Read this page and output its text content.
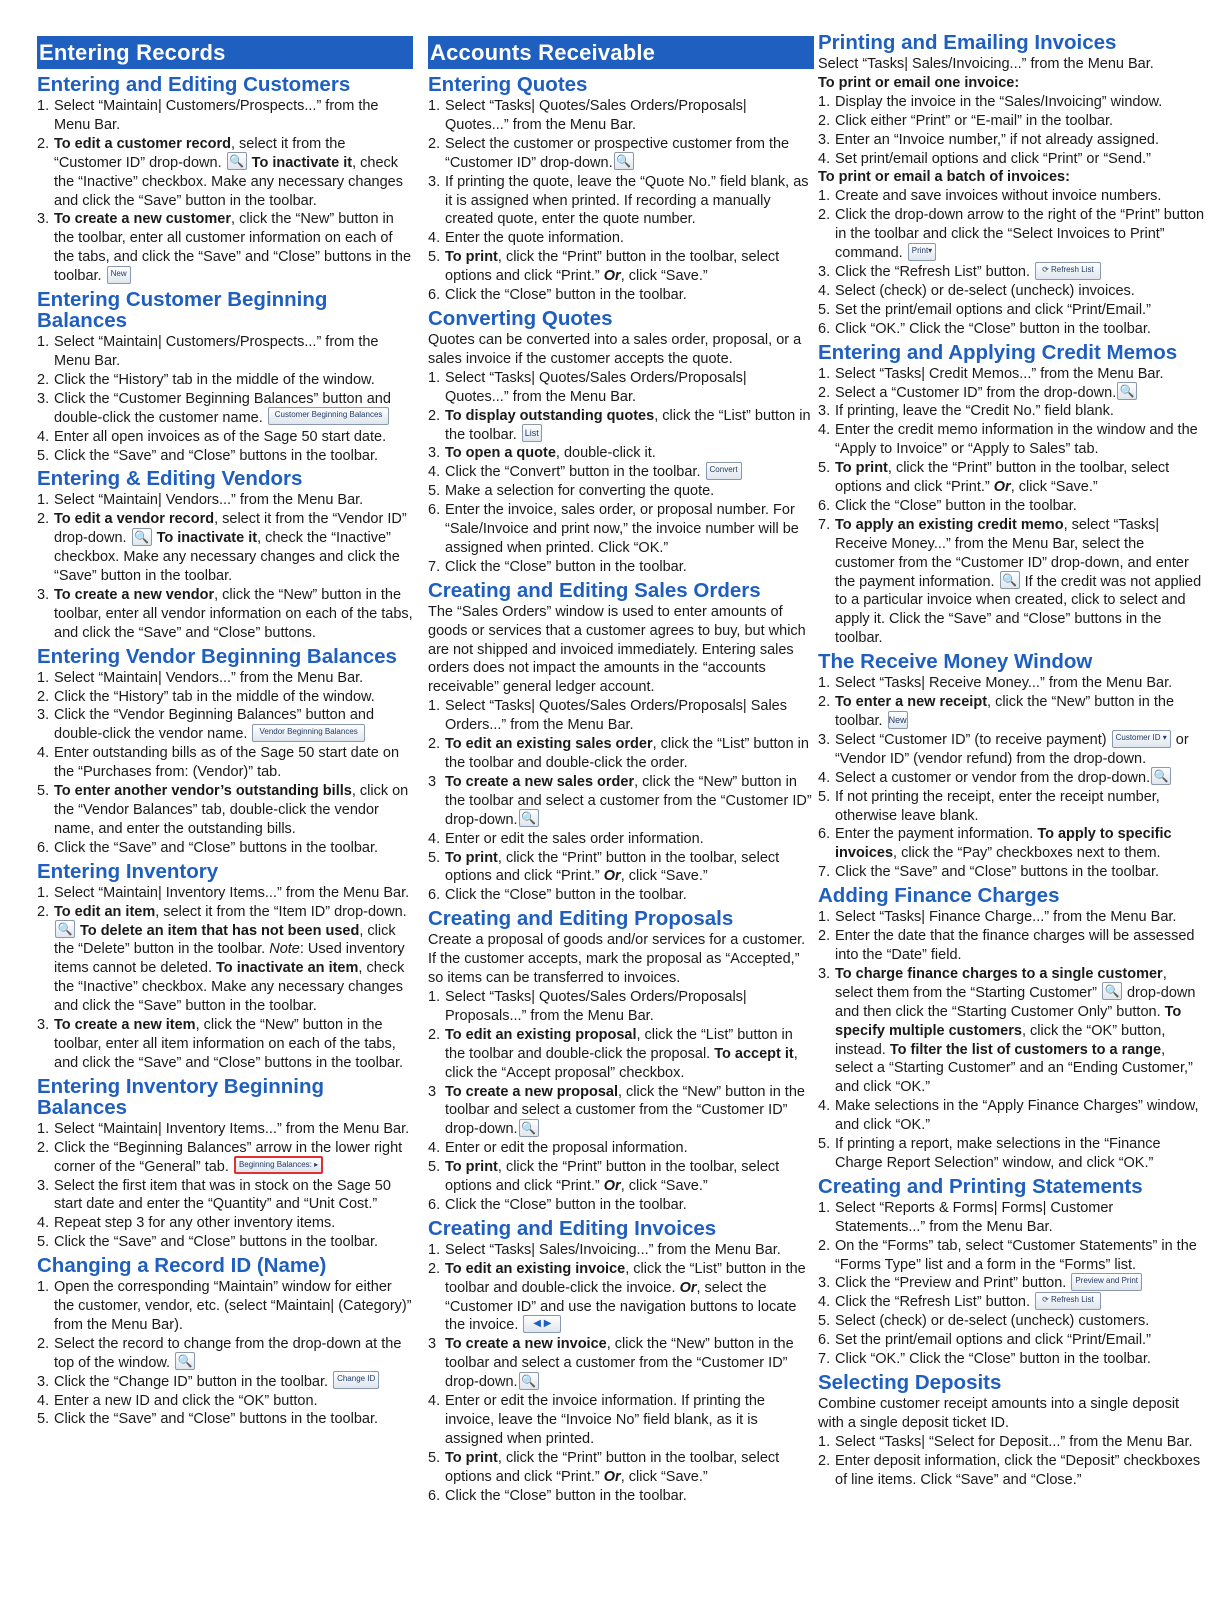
Entering Records
Entering and Editing Customers
1. Select “Maintain| Customers/Prospects...” from the Menu Bar.
2. To edit a customer record, select it from the “Customer ID” drop-down. 🔍 To inactivate it, check the “Inactive” checkbox. Make any necessary changes and click the “Save” button in the toolbar.
3. To create a new customer, click the “New” button in the toolbar, enter all customer information on each of the tabs, and click the “Save” and “Close” buttons in the toolbar. New
Entering Customer Beginning Balances
1. Select “Maintain| Customers/Prospects...” from the Menu Bar.
2. Click the “History” tab in the middle of the window.
3. Click the “Customer Beginning Balances” button and double-click the customer name. Customer Beginning Balances
4. Enter all open invoices as of the Sage 50 start date.
5. Click the “Save” and “Close” buttons in the toolbar.
Entering & Editing Vendors
1. Select “Maintain| Vendors...” from the Menu Bar.
2. To edit a vendor record, select it from the “Vendor ID” drop-down. 🔍 To inactivate it, check the “Inactive” checkbox. Make any necessary changes and click the “Save” button in the toolbar.
3. To create a new vendor, click the “New” button in the toolbar, enter all vendor information on each of the tabs, and click the “Save” and “Close” buttons.
Entering Vendor Beginning Balances
1. Select “Maintain| Vendors...” from the Menu Bar.
2. Click the “History” tab in the middle of the window.
3. Click the “Vendor Beginning Balances” button and double-click the vendor name. Vendor Beginning Balances
4. Enter outstanding bills as of the Sage 50 start date on the “Purchases from: (Vendor)” tab.
5. To enter another vendor’s outstanding bills, click on the “Vendor Balances” tab, double-click the vendor name, and enter the outstanding bills.
6. Click the “Save” and “Close” buttons in the toolbar.
Entering Inventory
1. Select “Maintain| Inventory Items...” from the Menu Bar.
2. To edit an item, select it from the “Item ID” drop-down. 🔍 To delete an item that has not been used, click the “Delete” button in the toolbar. Note: Used inventory items cannot be deleted. To inactivate an item, check the “Inactive” checkbox. Make any necessary changes and click the “Save” button in the toolbar.
3. To create a new item, click the “New” button in the toolbar, enter all item information on each of the tabs, and click the “Save” and “Close” buttons in the toolbar.
Entering Inventory Beginning Balances
1. Select “Maintain| Inventory Items...” from the Menu Bar.
2. Click the “Beginning Balances” arrow in the lower right corner of the “General” tab. Beginning Balances: ▸
3. Select the first item that was in stock on the Sage 50 start date and enter the “Quantity” and “Unit Cost.”
4. Repeat step 3 for any other inventory items.
5. Click the “Save” and “Close” buttons in the toolbar.
Changing a Record ID (Name)
1. Open the corresponding “Maintain” window for either the customer, vendor, etc. (select “Maintain| (Category)” from the Menu Bar).
2. Select the record to change from the drop-down at the top of the window. 🔍
3. Click the “Change ID” button in the toolbar. Change ID
4. Enter a new ID and click the “OK” button.
5. Click the “Save” and “Close” buttons in the toolbar.
Accounts Receivable
Entering Quotes
1. Select “Tasks| Quotes/Sales Orders/Proposals| Quotes...” from the Menu Bar.
2. Select the customer or prospective customer from the “Customer ID” drop-down. 🔍
3. If printing the quote, leave the “Quote No.” field blank, as it is assigned when printed. If recording a manually created quote, enter the quote number.
4. Enter the quote information.
5. To print, click the “Print” button in the toolbar, select options and click “Print.” Or, click “Save.”
6. Click the “Close” button in the toolbar.
Converting Quotes

Quotes can be converted into a sales order, proposal, or a sales invoice if the customer accepts the quote.

1. Select “Tasks| Quotes/Sales Orders/Proposals| Quotes...” from the Menu Bar.
2. To display outstanding quotes, click the “List” button in the toolbar. List
3. To open a quote, double-click it.
4. Click the “Convert” button in the toolbar. Convert
5. Make a selection for converting the quote.
6. Enter the invoice, sales order, or proposal number. For “Sale/Invoice and print now,” the invoice number will be assigned when printed. Click “OK.”
7. Click the “Close” button in the toolbar.
Creating and Editing Sales Orders

The “Sales Orders” window is used to enter amounts of goods or services that a customer agrees to buy, but which are not shipped and invoiced immediately. Entering sales orders does not impact the amounts in the “accounts receivable” general ledger account.

1. Select “Tasks| Quotes/Sales Orders/Proposals| Sales Orders...” from the Menu Bar.
2. To edit an existing sales order, click the “List” button in the toolbar and double-click the order.
3 To create a new sales order, click the “New” button in the toolbar and select a customer from the “Customer ID” drop-down. 🔍
4. Enter or edit the sales order information.
5. To print, click the “Print” button in the toolbar, select options and click “Print.” Or, click “Save.”
6. Click the “Close” button in the toolbar.
Creating and Editing Proposals

Create a proposal of goods and/or services for a customer. If the customer accepts, mark the proposal as “Accepted,” so items can be transferred to invoices.

1. Select “Tasks| Quotes/Sales Orders/Proposals| Proposals...” from the Menu Bar.
2. To edit an existing proposal, click the “List” button in the toolbar and double-click the proposal. To accept it, click the “Accept proposal” checkbox.
3 To create a new proposal, click the “New” button in the toolbar and select a customer from the “Customer ID” drop-down. 🔍
4. Enter or edit the proposal information.
5. To print, click the “Print” button in the toolbar, select options and click “Print.” Or, click “Save.”
6. Click the “Close” button in the toolbar.
Creating and Editing Invoices
1. Select “Tasks| Sales/Invoicing...” from the Menu Bar.
2. To edit an existing invoice, click the “List” button in the toolbar and double-click the invoice. Or, select the “Customer ID” and use the navigation buttons to locate the invoice. ◀ ▶
3 To create a new invoice, click the “New” button in the toolbar and select a customer from the “Customer ID” drop-down. 🔍
4. Enter or edit the invoice information. If printing the invoice, leave the “Invoice No” field blank, as it is assigned when printed.
5. To print, click the “Print” button in the toolbar, select options and click “Print.” Or, click “Save.”
6. Click the “Close” button in the toolbar.
Printing and Emailing Invoices

Select “Tasks| Sales/Invoicing...” from the Menu Bar.

To print or email one invoice:

1. Display the invoice in the “Sales/Invoicing” window.
2. Click either “Print” or “E-mail” in the toolbar.
3. Enter an “Invoice number,” if not already assigned.
4. Set print/email options and click “Print” or “Send.”

To print or email a batch of invoices:

1. Create and save invoices without invoice numbers.
2. Click the drop-down arrow to the right of the “Print” button in the toolbar and click the “Select Invoices to Print” command. Print▾
3. Click the “Refresh List” button. ⟳ Refresh List
4. Select (check) or de-select (uncheck) invoices.
5. Set the print/email options and click “Print/Email.”
6. Click “OK.” Click the “Close” button in the toolbar.
Entering and Applying Credit Memos
1. Select “Tasks| Credit Memos...” from the Menu Bar.
2. Select a “Customer ID” from the drop-down. 🔍
3. If printing, leave the “Credit No.” field blank.
4. Enter the credit memo information in the window and the “Apply to Invoice” or “Apply to Sales” tab.
5. To print, click the “Print” button in the toolbar, select options and click “Print.” Or, click “Save.”
6. Click the “Close” button in the toolbar.
7. To apply an existing credit memo, select “Tasks| Receive Money...” from the Menu Bar, select the customer from the “Customer ID” drop-down, and enter the payment information. 🔍 If the credit was not applied to a particular invoice when created, click to select and apply it. Click the “Save” and “Close” buttons in the toolbar.
The Receive Money Window
1. Select “Tasks| Receive Money...” from the Menu Bar.
2. To enter a new receipt, click the “New” button in the toolbar. New
3. Select “Customer ID” (to receive payment) Customer ID ▾ or “Vendor ID” (vendor refund) from the drop-down.
4. Select a customer or vendor from the drop-down. 🔍
5. If not printing the receipt, enter the receipt number, otherwise leave blank.
6. Enter the payment information. To apply to specific invoices, click the “Pay” checkboxes next to them.
7. Click the “Save” and “Close” buttons in the toolbar.
Adding Finance Charges
1. Select “Tasks| Finance Charge...” from the Menu Bar.
2. Enter the date that the finance charges will be assessed into the “Date” field.
3. To charge finance charges to a single customer, select them from the “Starting Customer” 🔍 drop-down and then click the “Starting Customer Only” button. To specify multiple customers, click the “OK” button, instead. To filter the list of customers to a range, select a “Starting Customer” and an “Ending Customer,” and click “OK.”
4. Make selections in the “Apply Finance Charges” window, and click “OK.”
5. If printing a report, make selections in the “Finance Charge Report Selection” window, and click “OK.”
Creating and Printing Statements
1. Select “Reports & Forms| Forms| Customer Statements...” from the Menu Bar.
2. On the “Forms” tab, select “Customer Statements” in the “Forms Type” list and a form in the “Forms” list.
3. Click the “Preview and Print” button. Preview and Print
4. Click the “Refresh List” button. ⟳ Refresh List
5. Select (check) or de-select (uncheck) customers.
6. Set the print/email options and click “Print/Email.”
7. Click “OK.” Click the “Close” button in the toolbar.
Selecting Deposits

Combine customer receipt amounts into a single deposit with a single deposit ticket ID.

1. Select “Tasks| “Select for Deposit...” from the Menu Bar.
2. Enter deposit information, click the “Deposit” checkboxes of line items. Click “Save” and “Close.”
